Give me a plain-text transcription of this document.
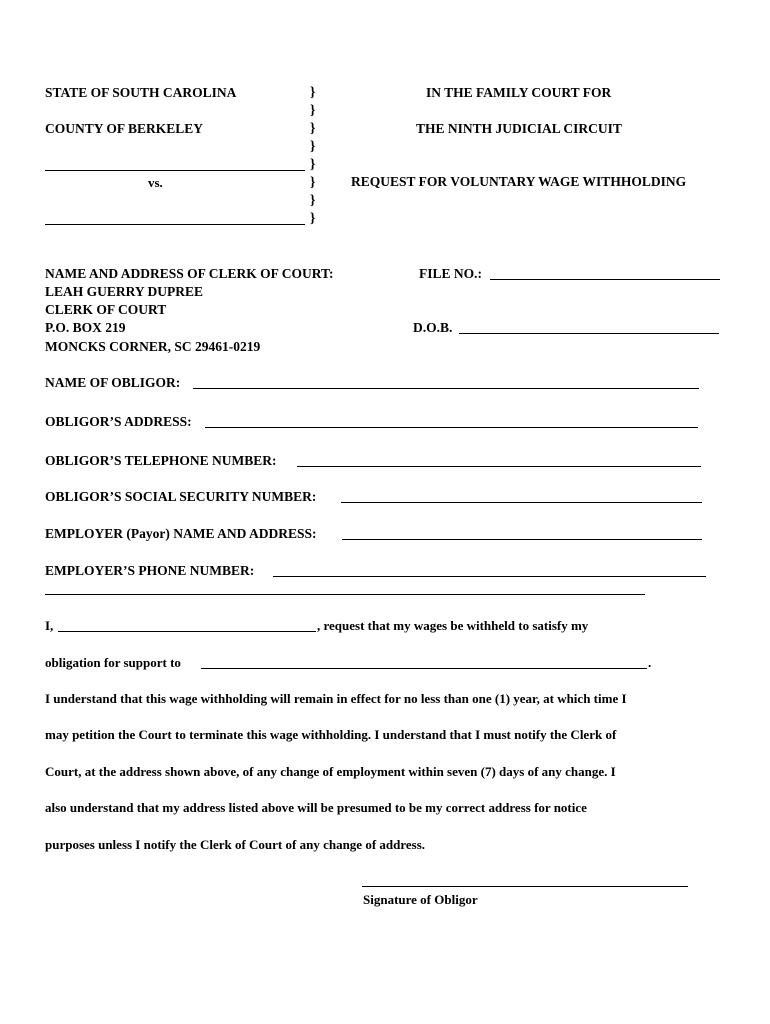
STATE OF SOUTH CAROLINA
COUNTY OF BERKELEY
vs.
}
}
}
}
}
}
}
}
IN THE FAMILY COURT FOR
THE NINTH JUDICIAL CIRCUIT
REQUEST FOR VOLUNTARY WAGE WITHHOLDING
NAME AND ADDRESS OF CLERK OF COURT:
LEAH GUERRY DUPREE
CLERK OF COURT
P.O. BOX 219
MONCKS CORNER, SC 29461-0219
FILE NO.:
D.O.B.
NAME OF OBLIGOR:
OBLIGOR’S ADDRESS:
OBLIGOR’S TELEPHONE NUMBER:
OBLIGOR’S SOCIAL SECURITY NUMBER:
EMPLOYER (Payor) NAME AND ADDRESS:
EMPLOYER’S PHONE NUMBER:
I,	, request that my wages be withheld to satisfy my
obligation for support to	.
I understand that this wage withholding will remain in effect for no less than one (1) year, at which time I
may petition the Court to terminate this wage withholding. I understand that I must notify the Clerk of
Court, at the address shown above, of any change of employment within seven (7) days of any change. I
also understand that my address listed above will be presumed to be my correct address for notice
purposes unless I notify the Clerk of Court of any change of address.
Signature of Obligor
